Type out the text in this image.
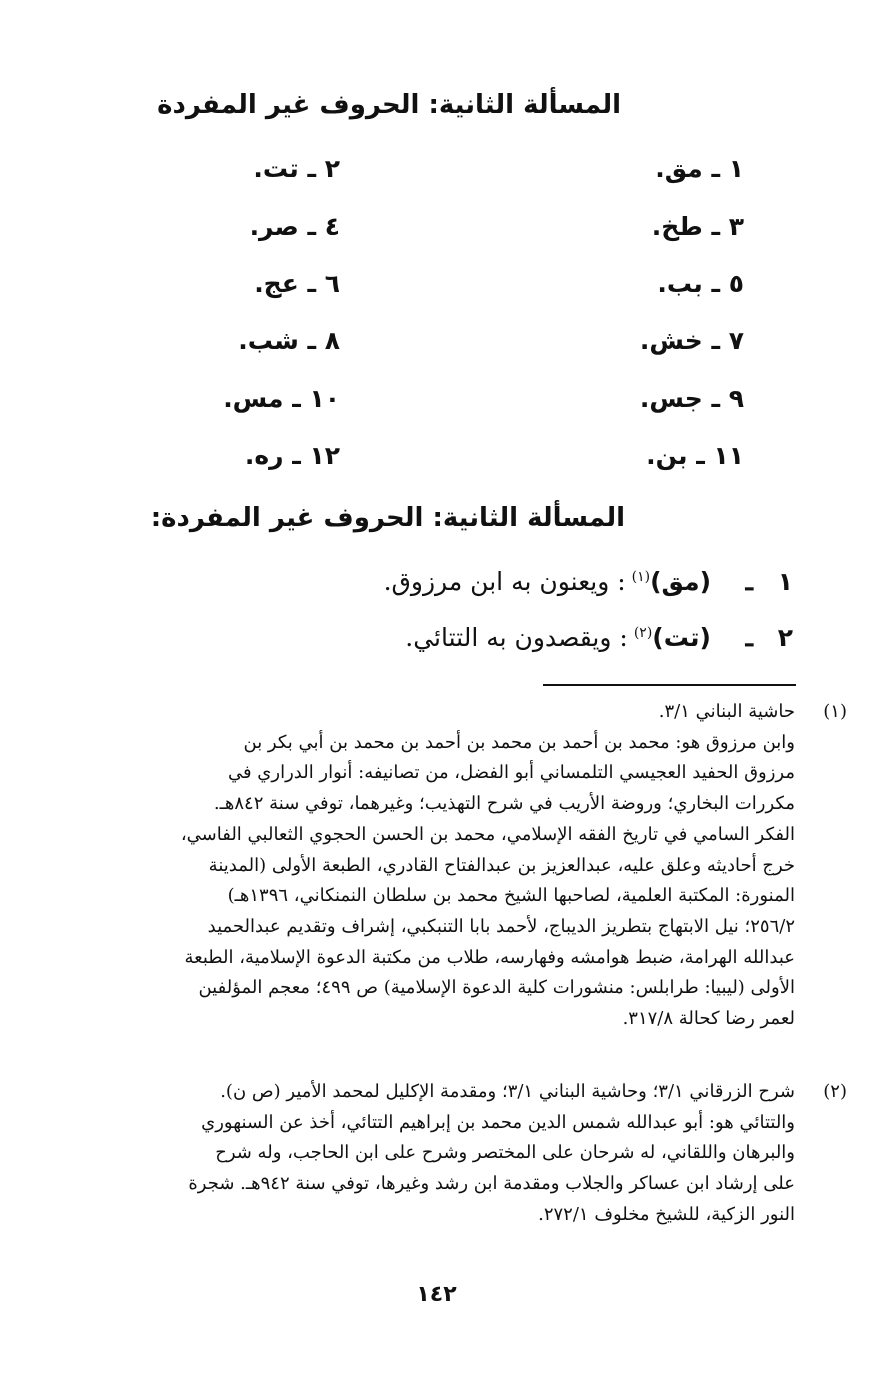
المسألة الثانية: الحروف غير المفردة
١ ـ مق.
٢ ـ تت.
٣ ـ طخ.
٤ ـ صر.
٥ ـ بب.
٦ ـ عج.
٧ ـ خش.
٨ ـ شب.
٩ ـ جس.
١٠ ـ مس.
١١ ـ بن.
١٢ ـ ره.
المسألة الثانية: الحروف غير المفردة:
١
ـ
(مق)
(١)
: ويعنون به ابن مرزوق.
٢
ـ
(تت)
(٢)
: ويقصدون به التتائي.
(١)
حاشية البناني ٣/١.

وابن مرزوق هو: محمد بن أحمد بن محمد بن أحمد بن محمد بن أبي بكر بن

مرزوق الحفيد العجيسي التلمساني أبو الفضل، من تصانيفه: أنوار الدراري في

مكررات البخاري؛ وروضة الأريب في شرح التهذيب؛ وغيرهما، توفي سنة ٨٤٢هـ.

الفكر السامي في تاريخ الفقه الإسلامي، محمد بن الحسن الحجوي الثعالبي الفاسي،

خرج أحاديثه وعلق عليه، عبدالعزيز بن عبدالفتاح القادري، الطبعة الأولى (المدينة

المنورة: المكتبة العلمية، لصاحبها الشيخ محمد بن سلطان النمنكاني، ١٣٩٦هـ)

٢٥٦/٢؛ نيل الابتهاج بتطريز الديباج، لأحمد بابا التنبكبي، إشراف وتقديم عبدالحميد

عبدالله الهرامة، ضبط هوامشه وفهارسه، طلاب من مكتبة الدعوة الإسلامية، الطبعة

الأولى (ليبيا: طرابلس: منشورات كلية الدعوة الإسلامية) ص ٤٩٩؛ معجم المؤلفين

لعمر رضا كحالة ٣١٧/٨.

(٢)
شرح الزرقاني ٣/١؛ وحاشية البناني ٣/١؛ ومقدمة الإكليل لمحمد الأمير (ص ن).

والتتائي هو: أبو عبدالله شمس الدين محمد بن إبراهيم التتائي، أخذ عن السنهوري

والبرهان واللقاني، له شرحان على المختصر وشرح على ابن الحاجب، وله شرح

على إرشاد ابن عساكر والجلاب ومقدمة ابن رشد وغيرها، توفي سنة ٩٤٢هـ. شجرة

النور الزكية، للشيخ مخلوف ٢٧٢/١.

١٤٢
